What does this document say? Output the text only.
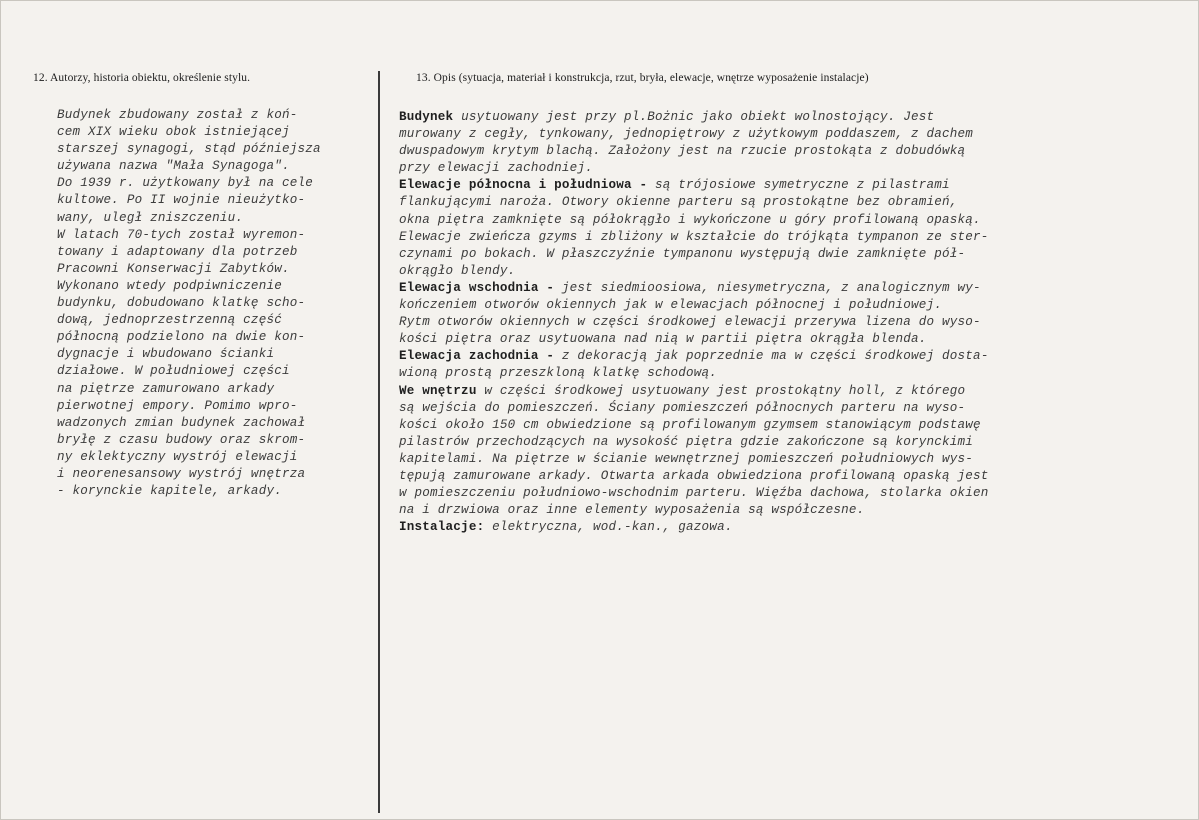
12. Autorzy, historia obiektu, określenie stylu.	13. Opis (sytuacja, materiał i konstrukcja, rzut, bryła, elewacje, wnętrze wyposażenie instalacje)
Budynek zbudowany został z koń-
cem XIX wieku obok istniejącej
starszej synagogi, stąd późniejsza
używana nazwa "Mała Synagoga".
Do 1939 r. użytkowany był na cele
kultowe. Po II wojnie nieużytko-
wany, uległ zniszczeniu.
W latach 70-tych został wyremon-
towany i adaptowany dla potrzeb
Pracowni Konserwacji Zabytków.
Wykonano wtedy podpiwniczenie
budynku, dobudowano klatkę scho-
dową, jednoprzestrzenną część
północną podzielono na dwie kon-
dygnacje i wbudowano ścianki
działowe. W południowej części
na piętrze zamurowano arkady
pierwotnej empory. Pomimo wpro-
wadzonych zmian budynek zachował
bryłę z czasu budowy oraz skrom-
ny eklektyczny wystrój elewacji
i neorenesansowy wystrój wnętrza
- korynckie kapitele, arkady.
Budynek usytuowany jest przy pl.Bożnic jako obiekt wolnostojący. Jest
murowany z cegły, tynkowany, jednopiętrowy z użytkowym poddaszem, z dachem
dwuspadowym krytym blachą. Założony jest na rzucie prostokąta z dobudówką
przy elewacji zachodniej.
Elewacje północna i południowa - są trójosiowe symetryczne z pilastrami
flankującymi naroża. Otwory okienne parteru są prostokątne bez obramień,
okna piętra zamknięte są półokrągło i wykończone u góry profilowaną opaską.
Elewacje zwieńcza gzyms i zbliżony w kształcie do trójkąta tympanon ze ster-
czynami po bokach. W płaszczyźnie tympanonu występują dwie zamknięte pół-
okrągło blendy.
Elewacja wschodnia - jest siedmioosiowa, niesymetryczna, z analogicznym wy-
kończeniem otworów okiennych jak w elewacjach północnej i południowej.
Rytm otworów okiennych w części środkowej elewacji przerywa lizena do wyso-
kości piętra oraz usytuowana nad nią w partii piętra okrągła blenda.
Elewacja zachodnia - z dekoracją jak poprzednie ma w części środkowej dosta-
wioną prostą przeszkloną klatkę schodową.
We wnętrzu w części środkowej usytuowany jest prostokątny holl, z którego
są wejścia do pomieszczeń. Ściany pomieszczeń północnych parteru na wyso-
kości około 150 cm obwiedzione są profilowanym gzymsem stanowiącym podstawę
pilastrów przechodzących na wysokość piętra gdzie zakończone są korynckimi
kapitelami. Na piętrze w ścianie wewnętrznej pomieszczeń południowych wys-
tępują zamurowane arkady. Otwarta arkada obwiedziona profilowaną opaską jest
w pomieszczeniu południowo-wschodnim parteru. Więźba dachowa, stolarka okien
na i drzwiowa oraz inne elementy wyposażenia są współczesne.
Instalacje: elektryczna, wod.-kan., gazowa.
